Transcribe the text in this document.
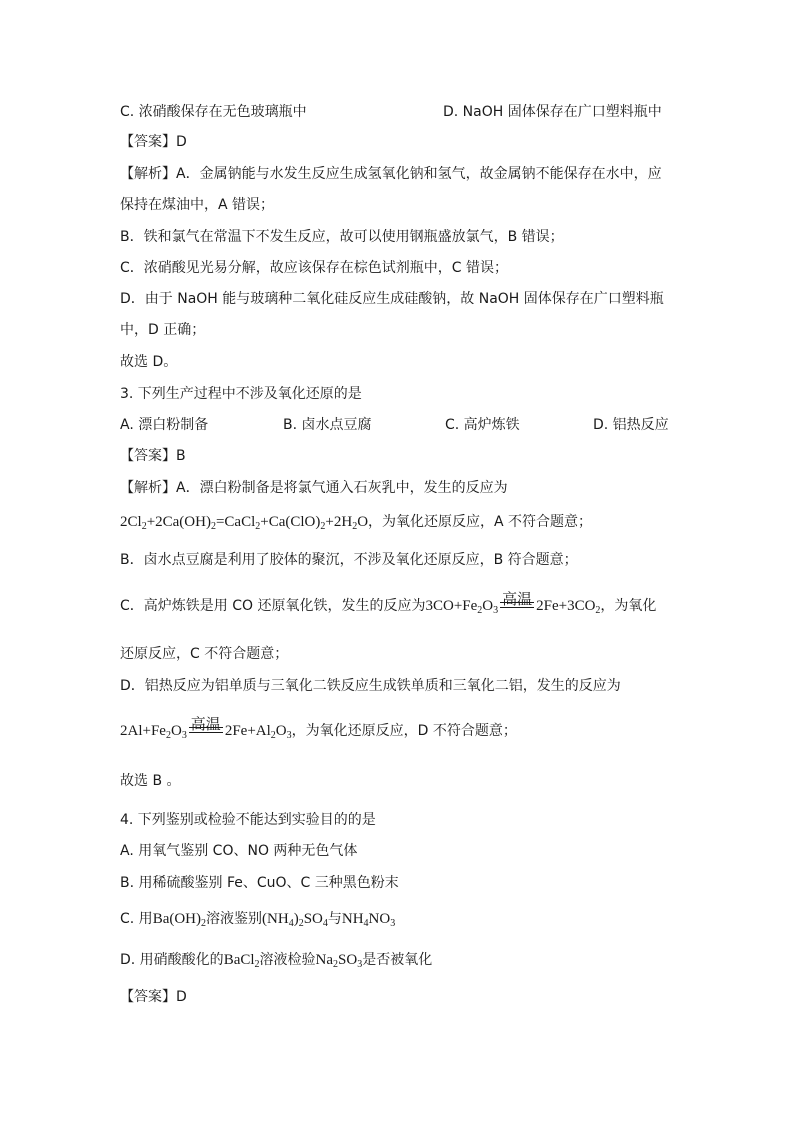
C. 浓硝酸保存在无色玻璃瓶中	D. NaOH 固体保存在广口塑料瓶中
【答案】D
【解析】A．金属钠能与水发生反应生成氢氧化钠和氢气，故金属钠不能保存在水中，应
保持在煤油中，A 错误；
B．铁和氯气在常温下不发生反应，故可以使用钢瓶盛放氯气，B 错误；
C．浓硝酸见光易分解，故应该保存在棕色试剂瓶中，C 错误；
D．由于 NaOH 能与玻璃种二氧化硅反应生成硅酸钠，故 NaOH 固体保存在广口塑料瓶
中，D 正确；
故选 D。
3. 下列生产过程中不涉及氧化还原的是
A. 漂白粉制备	B. 卤水点豆腐	C. 高炉炼铁	D. 铝热反应
【答案】B
【解析】A．漂白粉制备是将氯气通入石灰乳中，发生的反应为
$2Cl_2+2Ca(OH)_2=CaCl_2+Ca(ClO)_2+2H_2O$，为氧化还原反应，A 不符合题意；
B．卤水点豆腐是利用了胶体的聚沉，不涉及氧化还原反应，B 符合题意；
C．高炉炼铁是用 CO 还原氧化铁，发生的反应为$3CO+Fe_2O_3$
高温 $2Fe+3CO_2$，为氧化
还原反应，C 不符合题意；
D．铝热反应为铝单质与三氧化二铁反应生成铁单质和三氧化二铝，发生的反应为
$2Al+Fe_2O_3$
高温 $2Fe+Al_2O_3$，为氧化还原反应，D 不符合题意；
故选 B 。
4. 下列鉴别或检验不能达到实验目的的是
A. 用氧气鉴别 CO、NO 两种无色气体
B. 用稀硫酸鉴别 Fe、CuO、C 三种黑色粉末
C. 用$Ba(OH)_2$溶液鉴别$(NH_4)_2SO_4$与$NH_4NO_3$
D. 用硝酸酸化的BaCl$_2$溶液检验$Na_2SO_3$是否被氧化
【答案】D
